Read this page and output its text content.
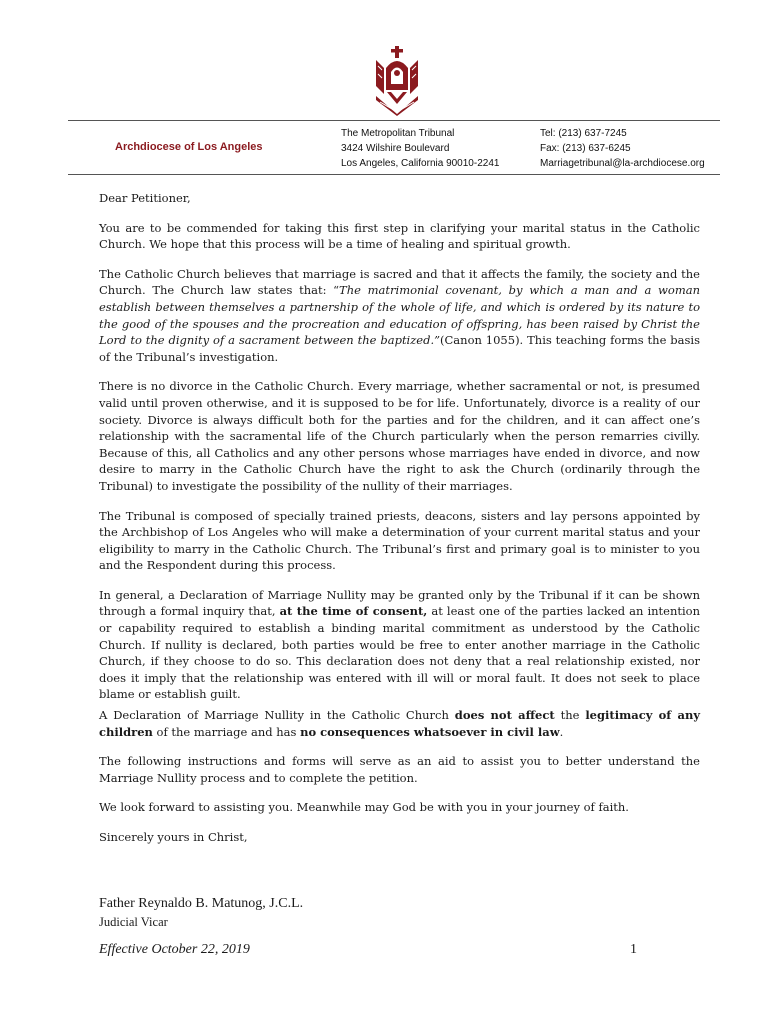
Archdiocese of Los Angeles
The Metropolitan Tribunal
3424 Wilshire Boulevard
Los Angeles, California 90010-2241
Tel: (213) 637-7245
Fax: (213) 637-6245
Marriagetribunal@la-archdiocese.org

Dear Petitioner,

You are to be commended for taking this first step in clarifying your marital status in the Catholic Church. We hope that this process will be a time of healing and spiritual growth.

The Catholic Church believes that marriage is sacred and that it affects the family, the society and the Church. The Church law states that: “The matrimonial covenant, by which a man and a woman establish between themselves a partnership of the whole of life, and which is ordered by its nature to the good of the spouses and the procreation and education of offspring, has been raised by Christ the Lord to the dignity of a sacrament between the baptized.”(Canon 1055). This teaching forms the basis of the Tribunal’s investigation.

There is no divorce in the Catholic Church. Every marriage, whether sacramental or not, is presumed valid until proven otherwise, and it is supposed to be for life. Unfortunately, divorce is a reality of our society. Divorce is always difficult both for the parties and for the children, and it can affect one’s relationship with the sacramental life of the Church particularly when the person remarries civilly. Because of this, all Catholics and any other persons whose marriages have ended in divorce, and now desire to marry in the Catholic Church have the right to ask the Church (ordinarily through the Tribunal) to investigate the possibility of the nullity of their marriages.

The Tribunal is composed of specially trained priests, deacons, sisters and lay persons appointed by the Archbishop of Los Angeles who will make a determination of your current marital status and your eligibility to marry in the Catholic Church. The Tribunal’s first and primary goal is to minister to you and the Respondent during this process.

In general, a Declaration of Marriage Nullity may be granted only by the Tribunal if it can be shown through a formal inquiry that, at the time of consent, at least one of the parties lacked an intention or capability required to establish a binding marital commitment as understood by the Catholic Church. If nullity is declared, both parties would be free to enter another marriage in the Catholic Church, if they choose to do so. This declaration does not deny that a real relationship existed, nor does it imply that the relationship was entered with ill will or moral fault. It does not seek to place blame or establish guilt.

A Declaration of Marriage Nullity in the Catholic Church does not affect the legitimacy of any children of the marriage and has no consequences whatsoever in civil law.

The following instructions and forms will serve as an aid to assist you to better understand the Marriage Nullity process and to complete the petition.

We look forward to assisting you. Meanwhile may God be with you in your journey of faith.

Sincerely yours in Christ,

Father Reynaldo B. Matunog, J.C.L.
Judicial Vicar
Effective October 22, 2019	1
